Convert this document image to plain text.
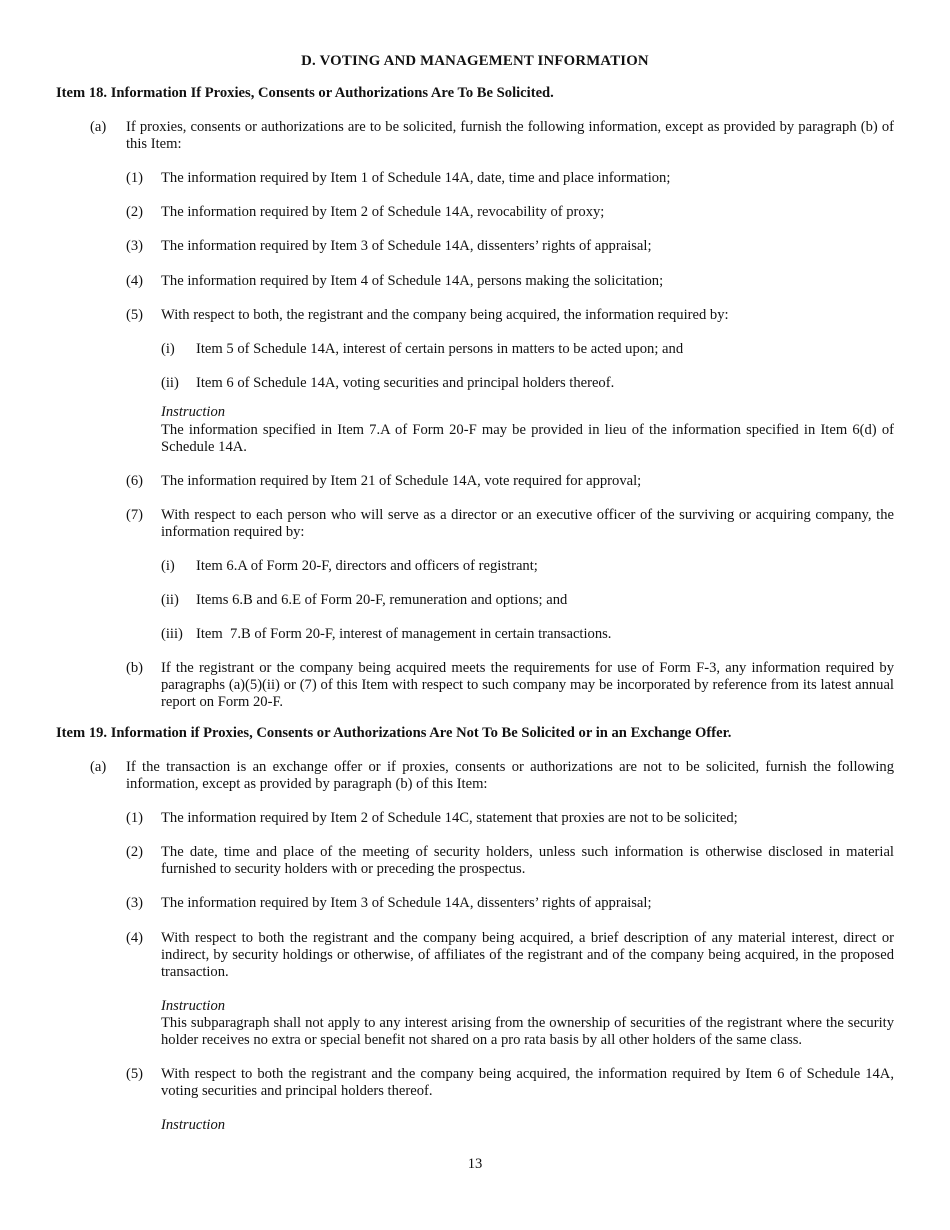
D. VOTING AND MANAGEMENT INFORMATION
Item 18. Information If Proxies, Consents or Authorizations Are To Be Solicited.
(a) If proxies, consents or authorizations are to be solicited, furnish the following information, except as provided by paragraph (b) of this Item:
(1) The information required by Item 1 of Schedule 14A, date, time and place information;
(2) The information required by Item 2 of Schedule 14A, revocability of proxy;
(3) The information required by Item 3 of Schedule 14A, dissenters’ rights of appraisal;
(4) The information required by Item 4 of Schedule 14A, persons making the solicitation;
(5) With respect to both, the registrant and the company being acquired, the information required by:
(i) Item 5 of Schedule 14A, interest of certain persons in matters to be acted upon; and
(ii) Item 6 of Schedule 14A, voting securities and principal holders thereof.
Instruction
The information specified in Item 7.A of Form 20-F may be provided in lieu of the information specified in Item 6(d) of Schedule 14A.
(6) The information required by Item 21 of Schedule 14A, vote required for approval;
(7) With respect to each person who will serve as a director or an executive officer of the surviving or acquiring company, the information required by:
(i) Item 6.A of Form 20-F, directors and officers of registrant;
(ii) Items 6.B and 6.E of Form 20-F, remuneration and options; and
(iii) Item  7.B of Form 20-F, interest of management in certain transactions.
(b) If the registrant or the company being acquired meets the requirements for use of Form F-3, any information required by paragraphs (a)(5)(ii) or (7) of this Item with respect to such company may be incorporated by reference from its latest annual report on Form 20-F.
Item 19. Information if Proxies, Consents or Authorizations Are Not To Be Solicited or in an Exchange Offer.
(a) If the transaction is an exchange offer or if proxies, consents or authorizations are not to be solicited, furnish the following information, except as provided by paragraph (b) of this Item:
(1) The information required by Item 2 of Schedule 14C, statement that proxies are not to be solicited;
(2) The date, time and place of the meeting of security holders, unless such information is otherwise disclosed in material furnished to security holders with or preceding the prospectus.
(3) The information required by Item 3 of Schedule 14A, dissenters’ rights of appraisal;
(4) With respect to both the registrant and the company being acquired, a brief description of any material interest, direct or indirect, by security holdings or otherwise, of affiliates of the registrant and of the company being acquired, in the proposed transaction.
Instruction
This subparagraph shall not apply to any interest arising from the ownership of securities of the registrant where the security holder receives no extra or special benefit not shared on a pro rata basis by all other holders of the same class.
(5) With respect to both the registrant and the company being acquired, the information required by Item 6 of Schedule 14A, voting securities and principal holders thereof.
Instruction
13
